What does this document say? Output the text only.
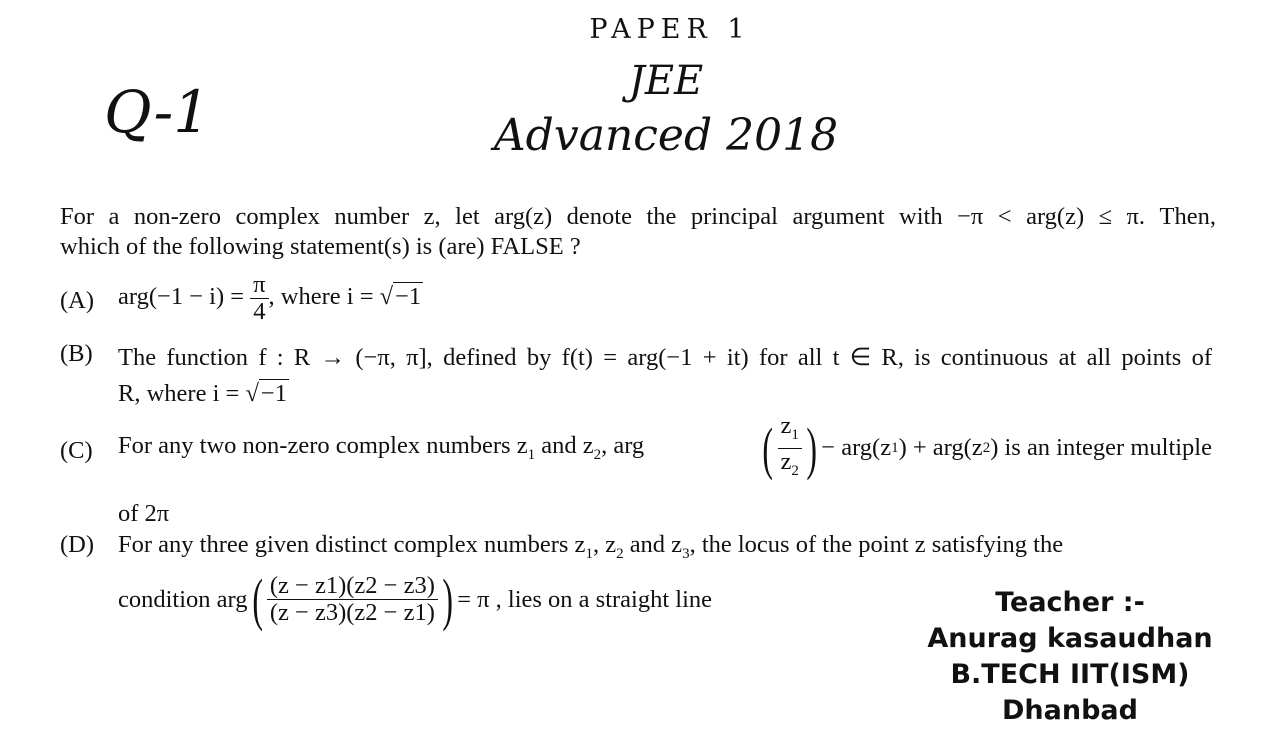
PAPER 1
JEE
Advanced 2018
Q-1
For a non-zero complex number z, let arg(z) denote the principal argument with −π < arg(z) ≤ π. Then,
which of the following statement(s) is (are) FALSE ?
(A) $arg(-1 - i) = \frac{\pi}{4}$ , where i = √−1
(B) The function f : R → (−π, π], defined by f(t) = arg(−1 + it) for all t ∈ R, is continuous at all points of
R, where i = √−1
(C) For any two non-zero complex numbers $z_1$ and $z_2$, arg ( $\frac{z_1}{z_2}$ ) − arg(z 1 ) + arg(z 2 ) is an integer multiple
of 2π
(D) For any three given distinct complex numbers $z_1$, $z_2$ and $z_3$, the locus of the point z satisfying the
condition arg ( $\frac{(z - z1)(z2 - z3)}{(z - z3)(z2 - z1)}$ ) = π , lies on a straight line	Teacher :-
Anurag kasaudhan
B.TECH IIT(ISM) Dhanbad
